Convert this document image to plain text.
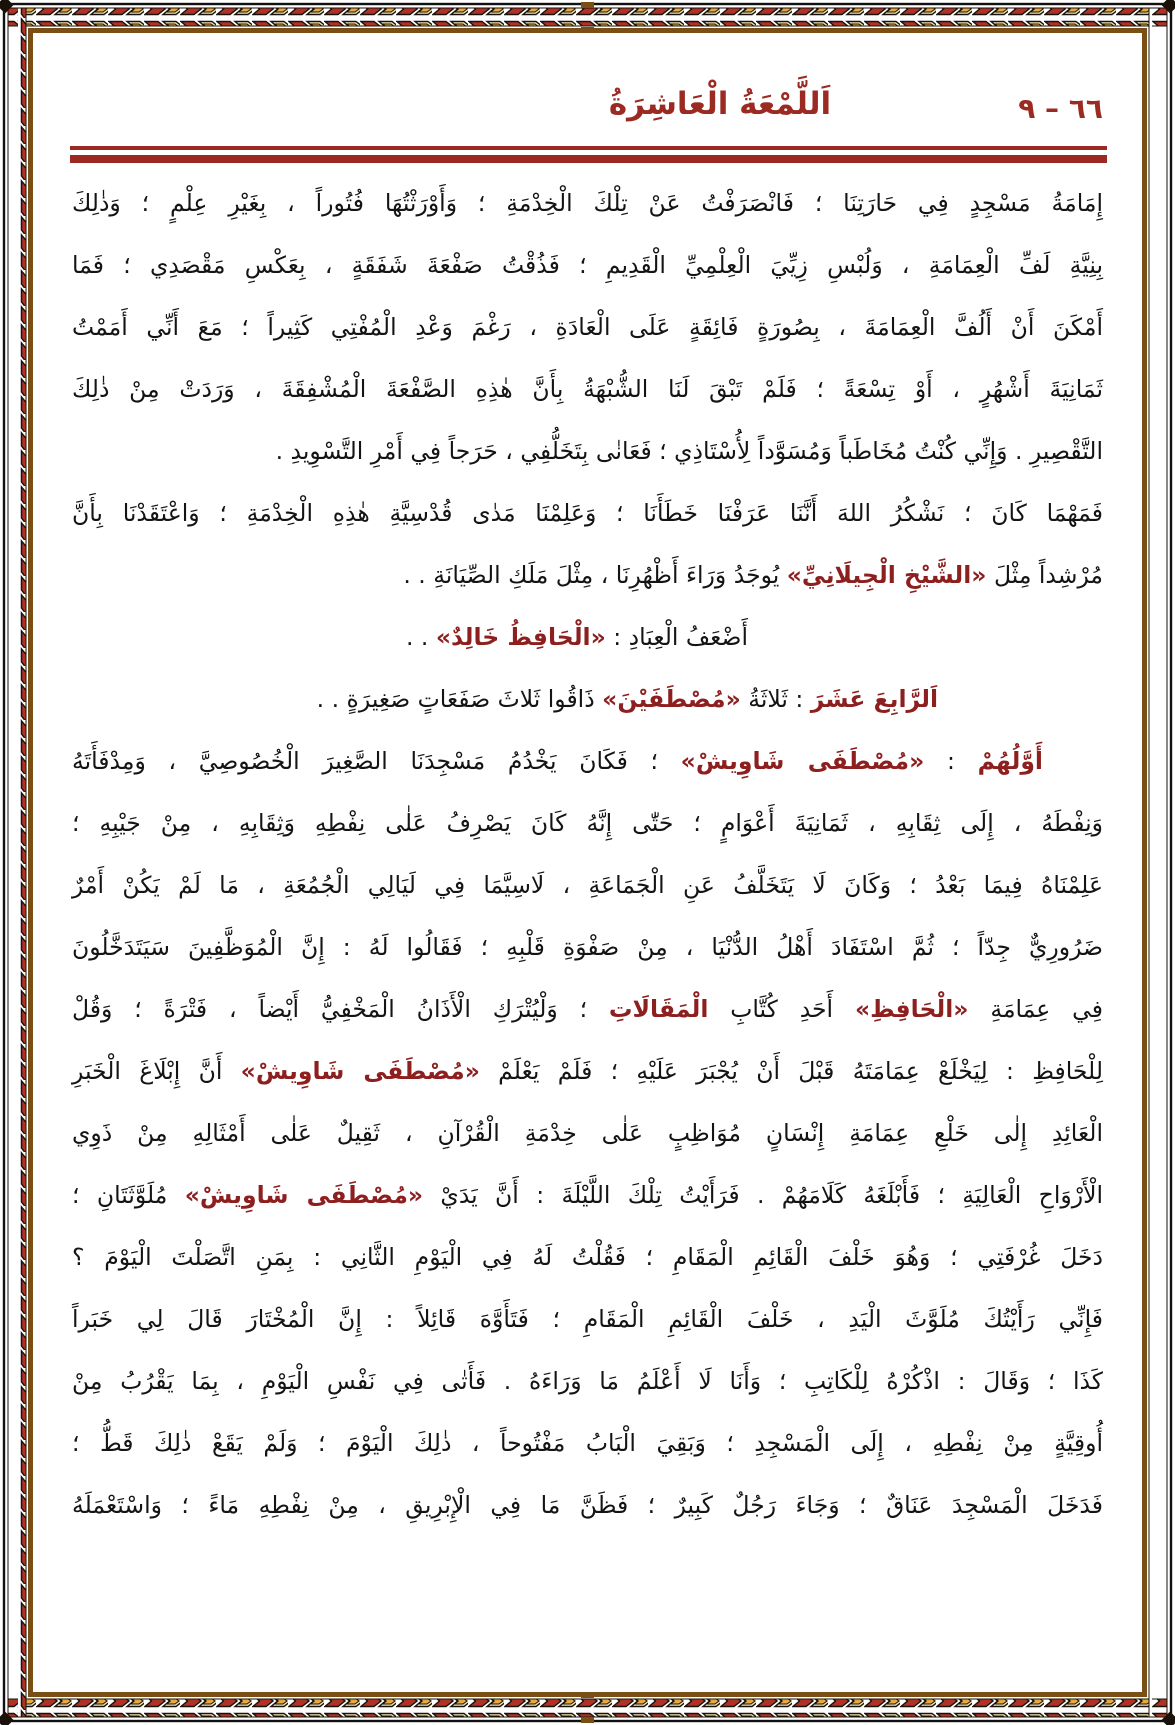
٦٦ – ٩
اَللَّمْعَةُ الْعَاشِرَةُ
إِمَامَةُ مَسْجِدٍ فِي حَارَتِنَا ؛ فَانْصَرَفْتُ عَنْ تِلْكَ الْخِدْمَةِ ؛ وَأَوْرَثْتُهَا فُتُوراً ، بِغَيْرِ عِلْمٍ ؛ وَذٰلِكَ
بِنِيَّةِ لَفِّ الْعِمَامَةِ ، وَلُبْسِ زِيِّيَ الْعِلْمِيِّ الْقَدِيمِ ؛ فَذُقْتُ صَفْعَةَ شَفَقَةٍ ، بِعَكْسِ مَقْصَدِي ؛ فَمَا
أَمْكَنَ أَنْ أَلُفَّ الْعِمَامَةَ ، بِصُورَةٍ فَائِقَةٍ عَلَى الْعَادَةِ ، رَغْمَ وَعْدِ الْمُفْتِي كَثِيراً ؛ مَعَ أَنِّي أَمَمْتُ
ثَمَانِيَةَ أَشْهُرٍ ، أَوْ تِسْعَةً ؛ فَلَمْ تَبْقَ لَنَا الشُّبْهَةُ بِأَنَّ هٰذِهِ الصَّفْعَةَ الْمُشْفِقَةَ ، وَرَدَتْ مِنْ ذٰلِكَ
التَّقْصِيرِ . وَإِنِّي كُنْتُ مُخَاطَباً وَمُسَوَّداً لِأُسْتَاذِي ؛ فَعَانٰى بِتَخَلُّفِي ، حَرَجاً فِي أَمْرِ التَّسْوِيدِ .
فَمَهْمَا كَانَ ؛ نَشْكُرُ اللهَ أَنَّنَا عَرَفْنَا خَطَأَنَا ؛ وَعَلِمْنَا مَدٰى قُدْسِيَّةِ هٰذِهِ الْخِدْمَةِ ؛ وَاعْتَقَدْنَا بِأَنَّ
مُرْشِداً مِثْلَ «الشَّيْخِ الْجِيلَانِيِّ» يُوجَدُ وَرَاءَ أَظْهُرِنَا ، مِثْلَ مَلَكِ الصِّيَانَةِ . .
أَضْعَفُ الْعِبَادِ : «الْحَافِظُ خَالِدٌ» . .
اَلرَّابِعَ عَشَرَ : ثَلاثَةُ «مُصْطَفَيْنَ» ذَاقُوا ثَلاثَ صَفَعَاتٍ صَغِيرَةٍ . .
أَوَّلُهُمْ : «مُصْطَفَى شَاوِيشْ» ؛ فَكَانَ يَخْدُمُ مَسْجِدَنَا الصَّغِيرَ الْخُصُوصِيَّ ، وَمِدْفَأَتَهُ
وَنِفْطَهُ ، إِلَى ثِقَابِهِ ، ثَمَانِيَةَ أَعْوَامٍ ؛ حَتّٰى إِنَّهُ كَانَ يَصْرِفُ عَلٰى نِفْطِهِ وَثِقَابِهِ ، مِنْ جَيْبِهِ ؛
عَلِمْنَاهُ فِيمَا بَعْدُ ؛ وَكَانَ لَا يَتَخَلَّفُ عَنِ الْجَمَاعَةِ ، لَاسِيَّمَا فِي لَيَالِي الْجُمُعَةِ ، مَا لَمْ يَكُنْ أَمْرٌ
ضَرُورِيٌّ جِدّاً ؛ ثُمَّ اسْتَفَادَ أَهْلُ الدُّنْيَا ، مِنْ صَفْوَةِ قَلْبِهِ ؛ فَقَالُوا لَهُ : إِنَّ الْمُوَظَّفِينَ سَيَتَدَخَّلُونَ
فِي عِمَامَةِ «الْحَافِظِ» أَحَدِ كُتَّابِ الْمَقَالَاتِ ؛ وَلْيُتْرَكِ الْأَذَانُ الْمَخْفِيُّ أَيْضاً ، فَتْرَةً ؛ وَقُلْ
لِلْحَافِظِ : لِيَخْلَعْ عِمَامَتَهُ قَبْلَ أَنْ يُجْبَرَ عَلَيْهِ ؛ فَلَمْ يَعْلَمْ «مُصْطَفَى شَاوِيشْ» أَنَّ إِبْلَاغَ الْخَبَرِ
الْعَائِدِ إِلٰى خَلْعِ عِمَامَةِ إِنْسَانٍ مُوَاظِبٍ عَلٰى خِدْمَةِ الْقُرْآنِ ، ثَقِيلٌ عَلٰى أَمْثَالِهِ مِنْ ذَوِي
الْأَرْوَاحِ الْعَالِيَةِ ؛ فَأَبْلَغَهُ كَلَامَهُمْ . فَرَأَيْتُ تِلْكَ اللَّيْلَةَ : أَنَّ يَدَيْ «مُصْطَفَى شَاوِيشْ» مُلَوَّثَتَانِ ؛
دَخَلَ غُرْفَتِي ؛ وَهُوَ خَلْفَ الْقَائِمِ الْمَقَامِ ؛ فَقُلْتُ لَهُ فِي الْيَوْمِ الثَّانِي : بِمَنِ اتَّصَلْتَ الْيَوْمَ ؟
فَإِنِّي رَأَيْتُكَ مُلَوَّثَ الْيَدِ ، خَلْفَ الْقَائِمِ الْمَقَامِ ؛ فَتَأَوَّهَ قَائِلاً : إِنَّ الْمُخْتَارَ قَالَ لِي خَبَراً
كَذَا ؛ وَقَالَ : اذْكُرْهُ لِلْكَاتِبِ ؛ وَأَنَا لَا أَعْلَمُ مَا وَرَاءَهُ . فَأَتٰى فِي نَفْسِ الْيَوْمِ ، بِمَا يَقْرُبُ مِنْ
أُوقِيَّةٍ مِنْ نِفْطِهِ ، إِلَى الْمَسْجِدِ ؛ وَبَقِيَ الْبَابُ مَفْتُوحاً ، ذٰلِكَ الْيَوْمَ ؛ وَلَمْ يَقَعْ ذٰلِكَ قَطُّ ؛
فَدَخَلَ الْمَسْجِدَ عَنَاقٌ ؛ وَجَاءَ رَجُلٌ كَبِيرٌ ؛ فَظَنَّ مَا فِي الْإِبْرِيقِ ، مِنْ نِفْطِهِ مَاءً ؛ وَاسْتَعْمَلَهُ
